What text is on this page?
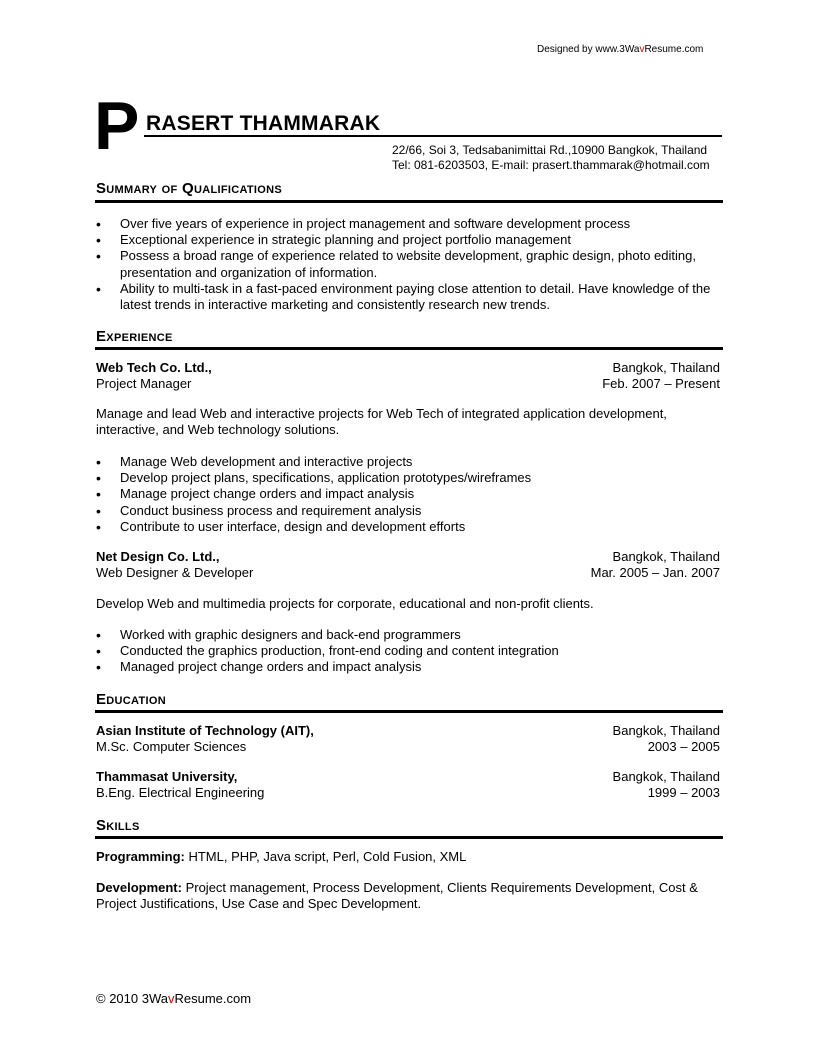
Designed by www.3WavResume.com
P RASERT THAMMARAK
22/66, Soi 3, Tedsabanimittai Rd.,10900 Bangkok, Thailand
Tel: 081-6203503, E-mail: prasert.thammarak@hotmail.com
Summary of Qualifications
• Over five years of experience in project management and software development process
• Exceptional experience in strategic planning and project portfolio management
• Possess a broad range of experience related to website development, graphic design, photo editing, presentation and organization of information.
• Ability to multi-task in a fast-paced environment paying close attention to detail. Have knowledge of the latest trends in interactive marketing and consistently research new trends.
Experience
Web Tech Co. Ltd.,	Bangkok, Thailand
Project Manager	Feb. 2007 – Present
Manage and lead Web and interactive projects for Web Tech of integrated application development, interactive, and Web technology solutions.
• Manage Web development and interactive projects
• Develop project plans, specifications, application prototypes/wireframes
• Manage project change orders and impact analysis
• Conduct business process and requirement analysis
• Contribute to user interface, design and development efforts
Net Design Co. Ltd.,	Bangkok, Thailand
Web Designer & Developer	Mar. 2005 – Jan. 2007
Develop Web and multimedia projects for corporate, educational and non-profit clients.
• Worked with graphic designers and back-end programmers
• Conducted the graphics production, front-end coding and content integration
• Managed project change orders and impact analysis
Education
Asian Institute of Technology (AIT),	Bangkok, Thailand
M.Sc. Computer Sciences	2003 – 2005
Thammasat University,	Bangkok, Thailand
B.Eng. Electrical Engineering	1999 – 2003
Skills
Programming: HTML, PHP, Java script, Perl, Cold Fusion, XML
Development: Project management, Process Development, Clients Requirements Development, Cost & Project Justifications, Use Case and Spec Development.
© 2010 3WavResume.com
